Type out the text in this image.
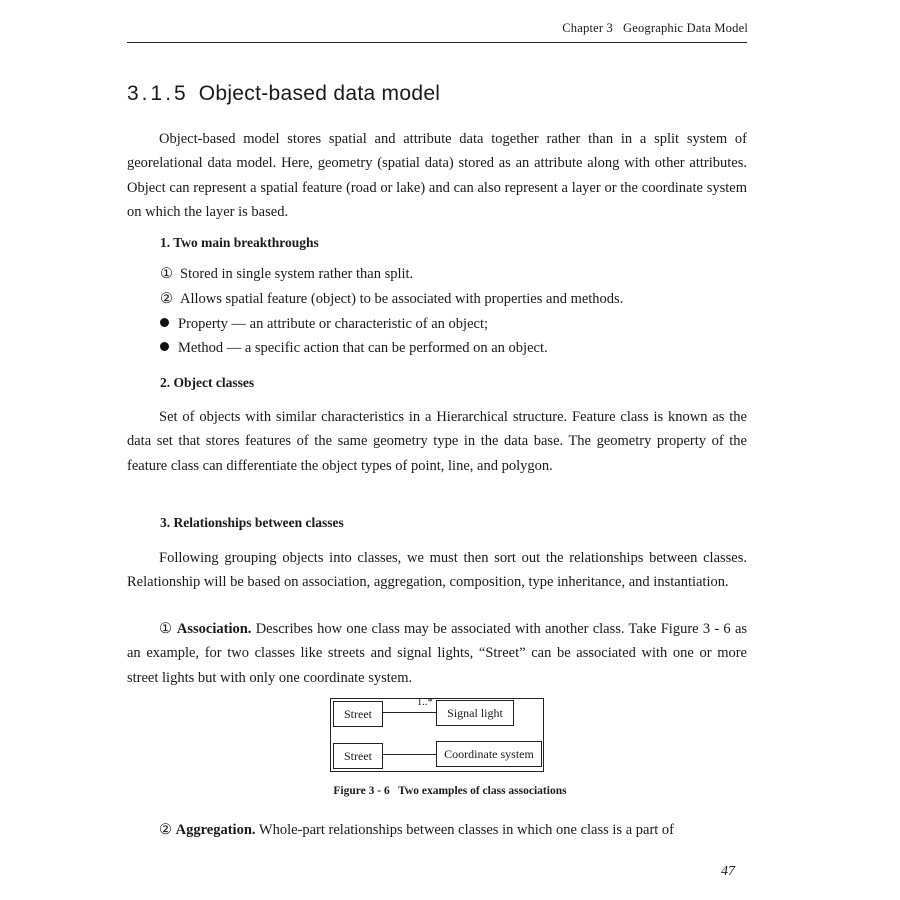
Chapter 3 Geographic Data Model
3.1.5 Object-based data model

Object-based model stores spatial and attribute data together rather than in a split system of georelational data model. Here, geometry (spatial data) stored as an attribute along with other attributes. Object can represent a spatial feature (road or lake) and can also represent a layer or the coordinate system on which the layer is based.

1. Two main breakthroughs
① Stored in single system rather than split.
② Allows spatial feature (object) to be associated with properties and methods.
Property — an attribute or characteristic of an object;
Method — a specific action that can be performed on an object.
2. Object classes

Set of objects with similar characteristics in a Hierarchical structure. Feature class is known as the data set that stores features of the same geometry type in the data base. The geometry property of the feature class can differentiate the object types of point, line, and polygon.

3. Relationships between classes

Following grouping objects into classes, we must then sort out the relationships between classes. Relationship will be based on association, aggregation, composition, type inheritance, and instantiation.

① Association. Describes how one class may be associated with another class. Take Figure 3 - 6 as an example, for two classes like streets and signal lights, “Street” can be associated with one or more street lights but with only one coordinate system.

Street
1..*
Signal light
Street	Coordinate system
Figure 3 - 6   Two examples of class associations

② Aggregation. Whole-part relationships between classes in which one class is a part of

47
